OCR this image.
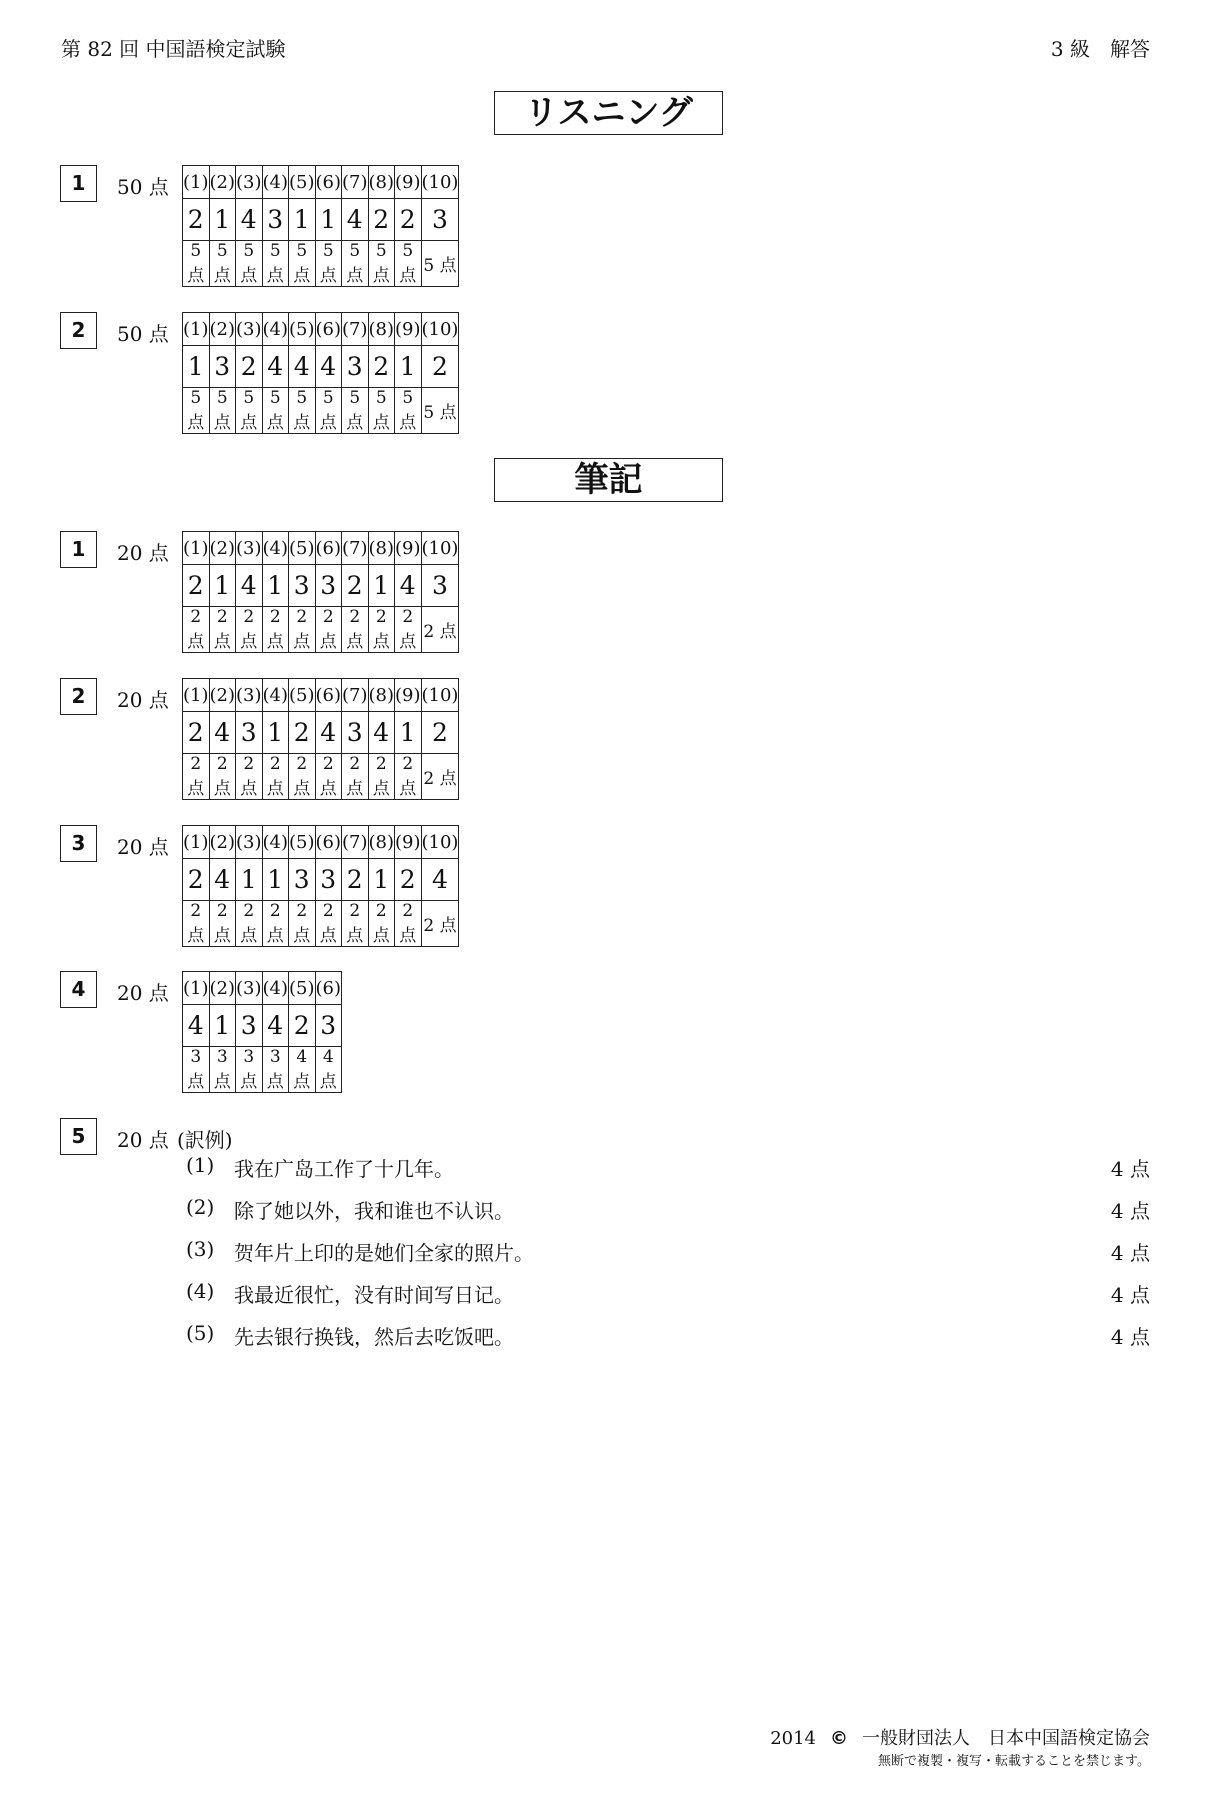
第 82 回 中国語検定試験	3 級　解答
リスニング
1	50 点 (1)	(2)	(3)	(4)	(5)	(6)	(7)	(8)	(9)	(10)
2	1	4	3	1	1	4	2	2	3
5 点	5 点	5 点	5 点	5 点	5 点	5 点	5 点	5 点	5 点
2	50 点 (1)	(2)	(3)	(4)	(5)	(6)	(7)	(8)	(9)	(10)
1	3	2	4	4	4	3	2	1	2
5 点	5 点	5 点	5 点	5 点	5 点	5 点	5 点	5 点	5 点
筆記
1	20 点 (1)	(2)	(3)	(4)	(5)	(6)	(7)	(8)	(9)	(10)
2	1	4	1	3	3	2	1	4	3
2 点	2 点	2 点	2 点	2 点	2 点	2 点	2 点	2 点	2 点
2	20 点 (1)	(2)	(3)	(4)	(5)	(6)	(7)	(8)	(9)	(10)
2	4	3	1	2	4	3	4	1	2
2 点	2 点	2 点	2 点	2 点	2 点	2 点	2 点	2 点	2 点
3	20 点 (1)	(2)	(3)	(4)	(5)	(6)	(7)	(8)	(9)	(10)
2	4	1	1	3	3	2	1	2	4
2 点	2 点	2 点	2 点	2 点	2 点	2 点	2 点	2 点	2 点
4	20 点 (1)	(2)	(3)	(4)	(5)	(6)
4	1	3	4	2	3
3 点	3 点	3 点	3 点	4 点	4 点
5	20 点 (訳例)
(1) 我在广岛工作了十几年。	4 点
(2) 除了她以外，我和谁也不认识。	4 点
(3) 贺年片上印的是她们全家的照片。	4 点
(4) 我最近很忙，没有时间写日记。	4 点
(5) 先去银行换钱，然后去吃饭吧。	4 点
2014 © 一般財団法人　日本中国語検定協会
無断で複製・複写・転載することを禁じます。
